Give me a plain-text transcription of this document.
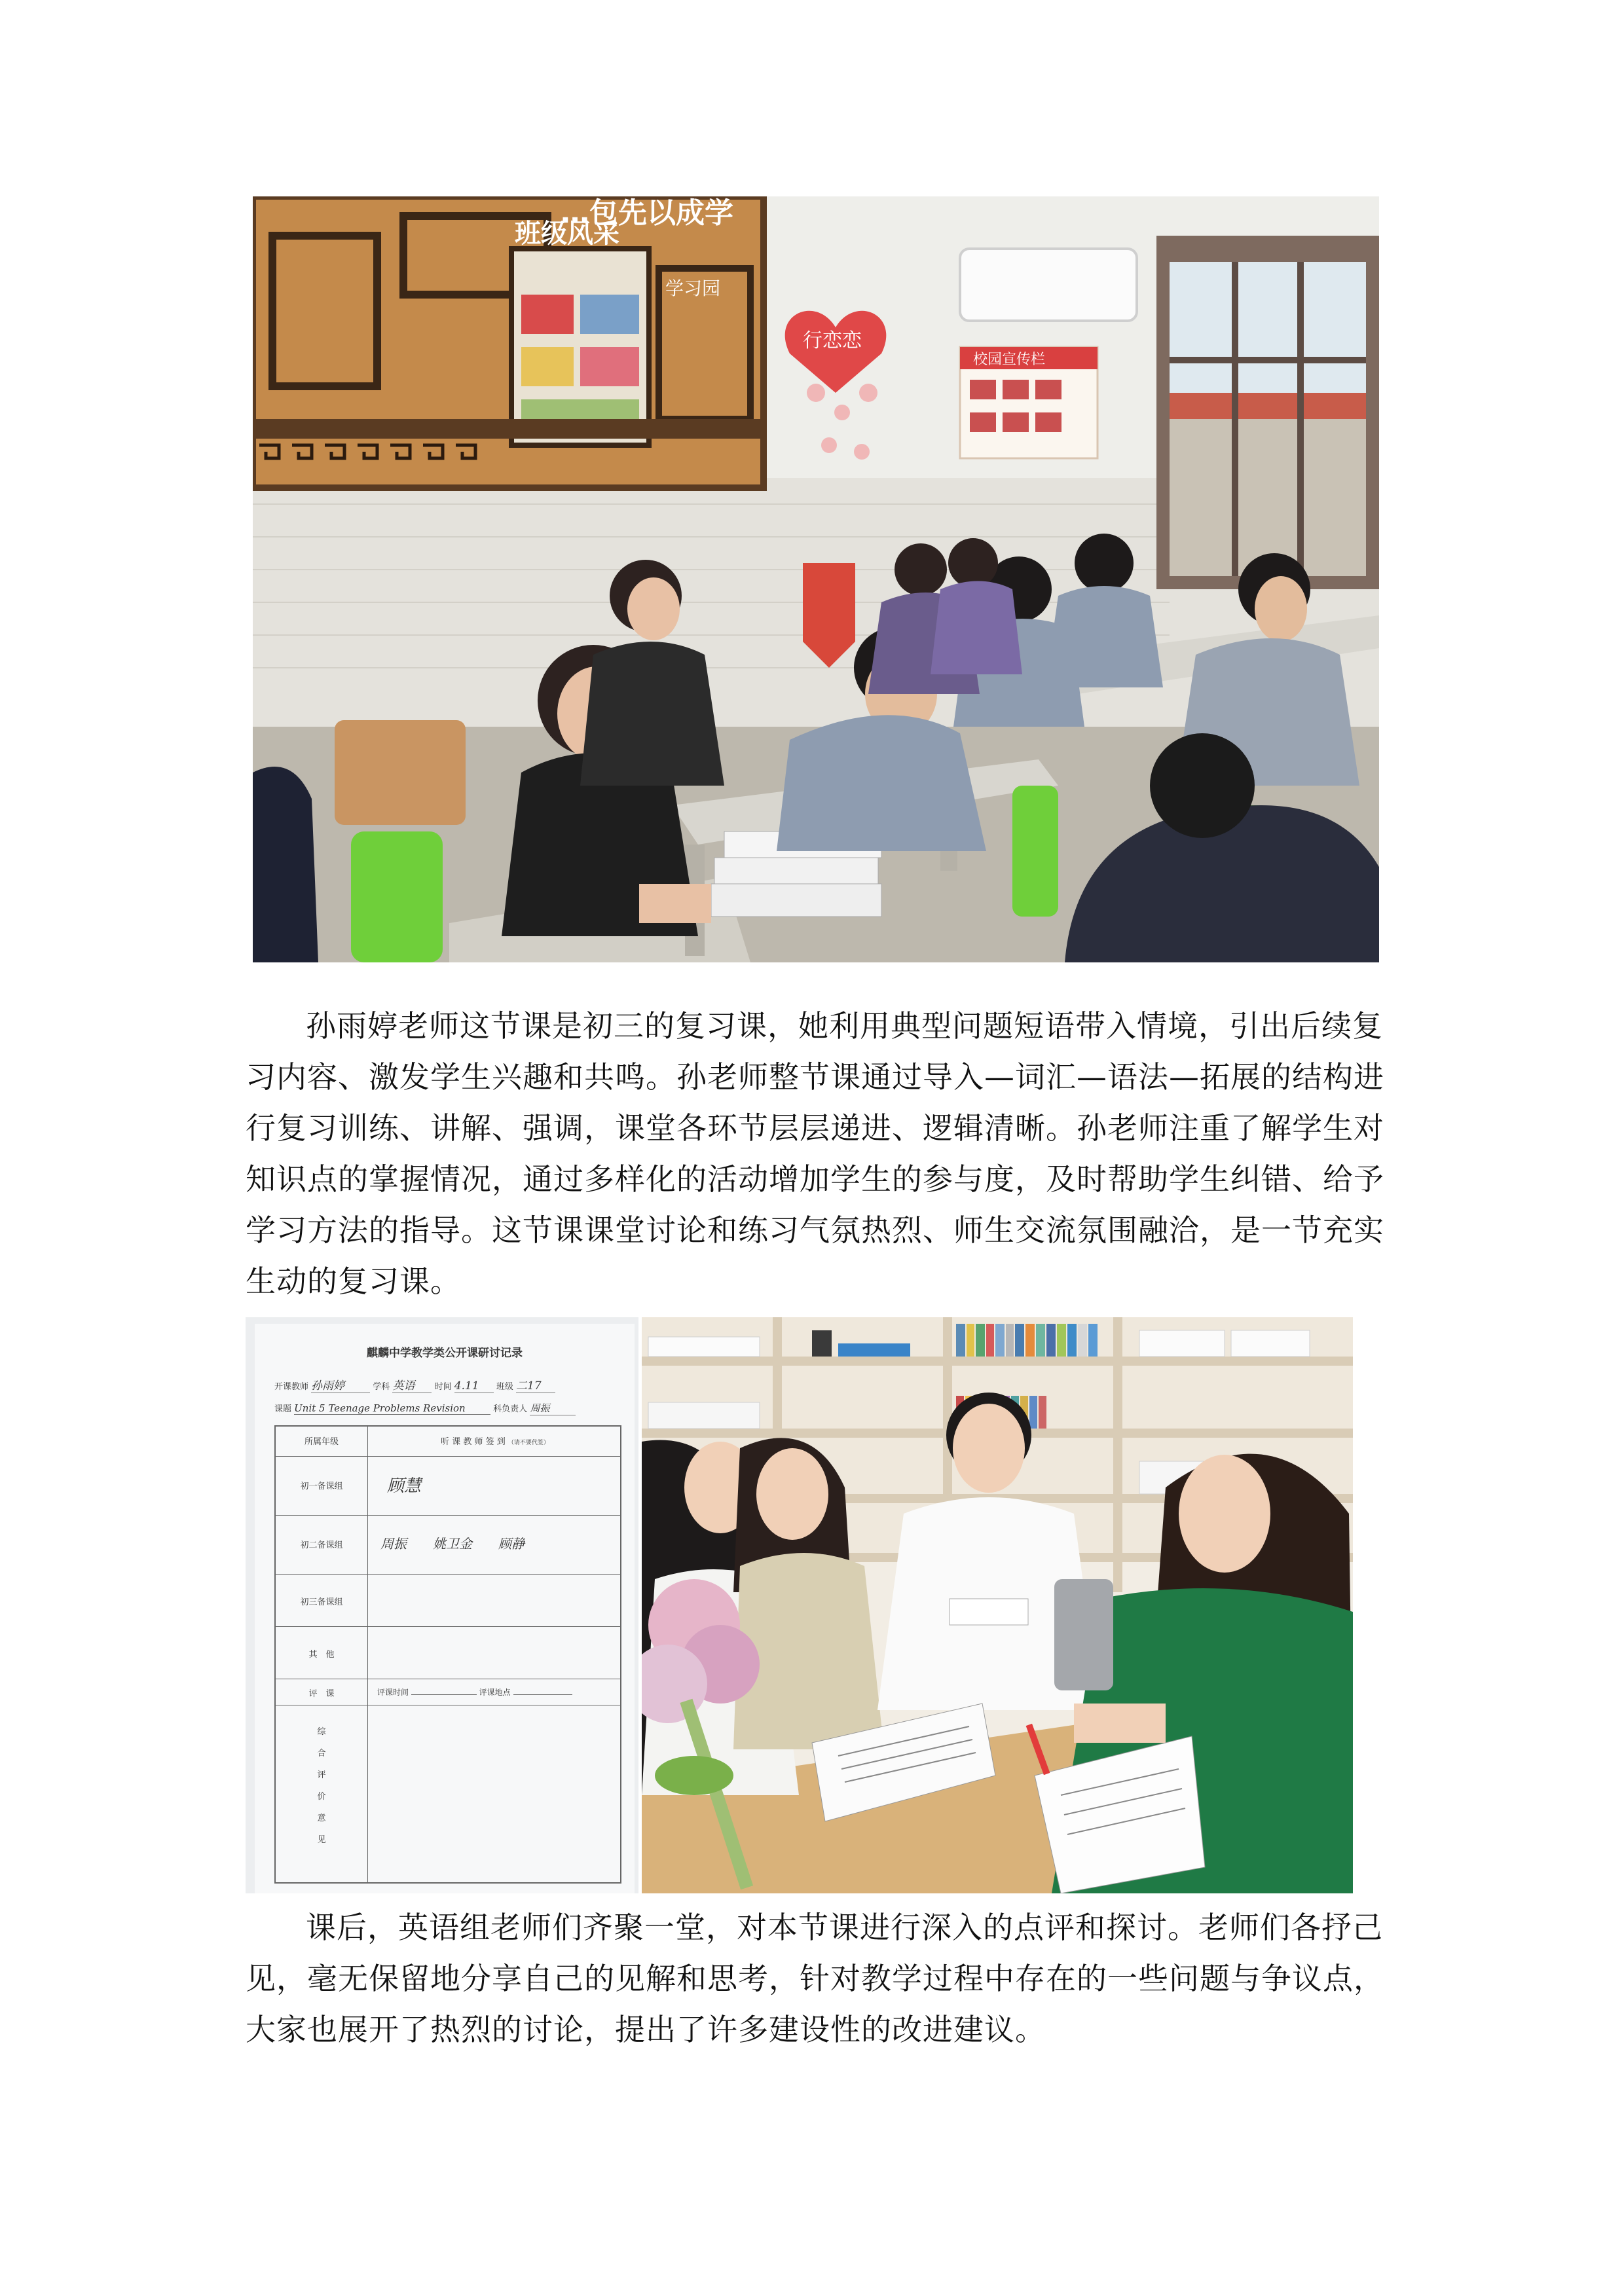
班级风采
…包先以成学
学习园
行恋恋
校园宣传栏

孙雨婷老师这节课是初三的复习课，她利用典型问题短语带入情境，引出后续复习内容、激发学生兴趣和共鸣。孙老师整节课通过导入—词汇—语法—拓展的结构进行复习训练、讲解、强调，课堂各环节层层递进、逻辑清晰。孙老师注重了解学生对知识点的掌握情况，通过多样化的活动增加学生的参与度，及时帮助学生纠错、给予学习方法的指导。这节课课堂讨论和练习气氛热烈、师生交流氛围融洽，是一节充实生动的复习课。

麒麟中学教学类公开课研讨记录
开课教师 孙雨婷	学科 英语 时间 4.11 班级 二17
课题 Unit 5 Teenage Problems Revision	科负责人 周振
所属年级	听 课 教 师 签 到 （请不要代签）
初一备课组	顾慧
初二备课组	周振　　姚卫金　　顾静
初三备课组
其　他
评　课	评课时间	评课地点
综
合
评
价
意
见

课后，英语组老师们齐聚一堂，对本节课进行深入的点评和探讨。老师们各抒己见，毫无保留地分享自己的见解和思考，针对教学过程中存在的一些问题与争议点，大家也展开了热烈的讨论，提出了许多建设性的改进建议。
